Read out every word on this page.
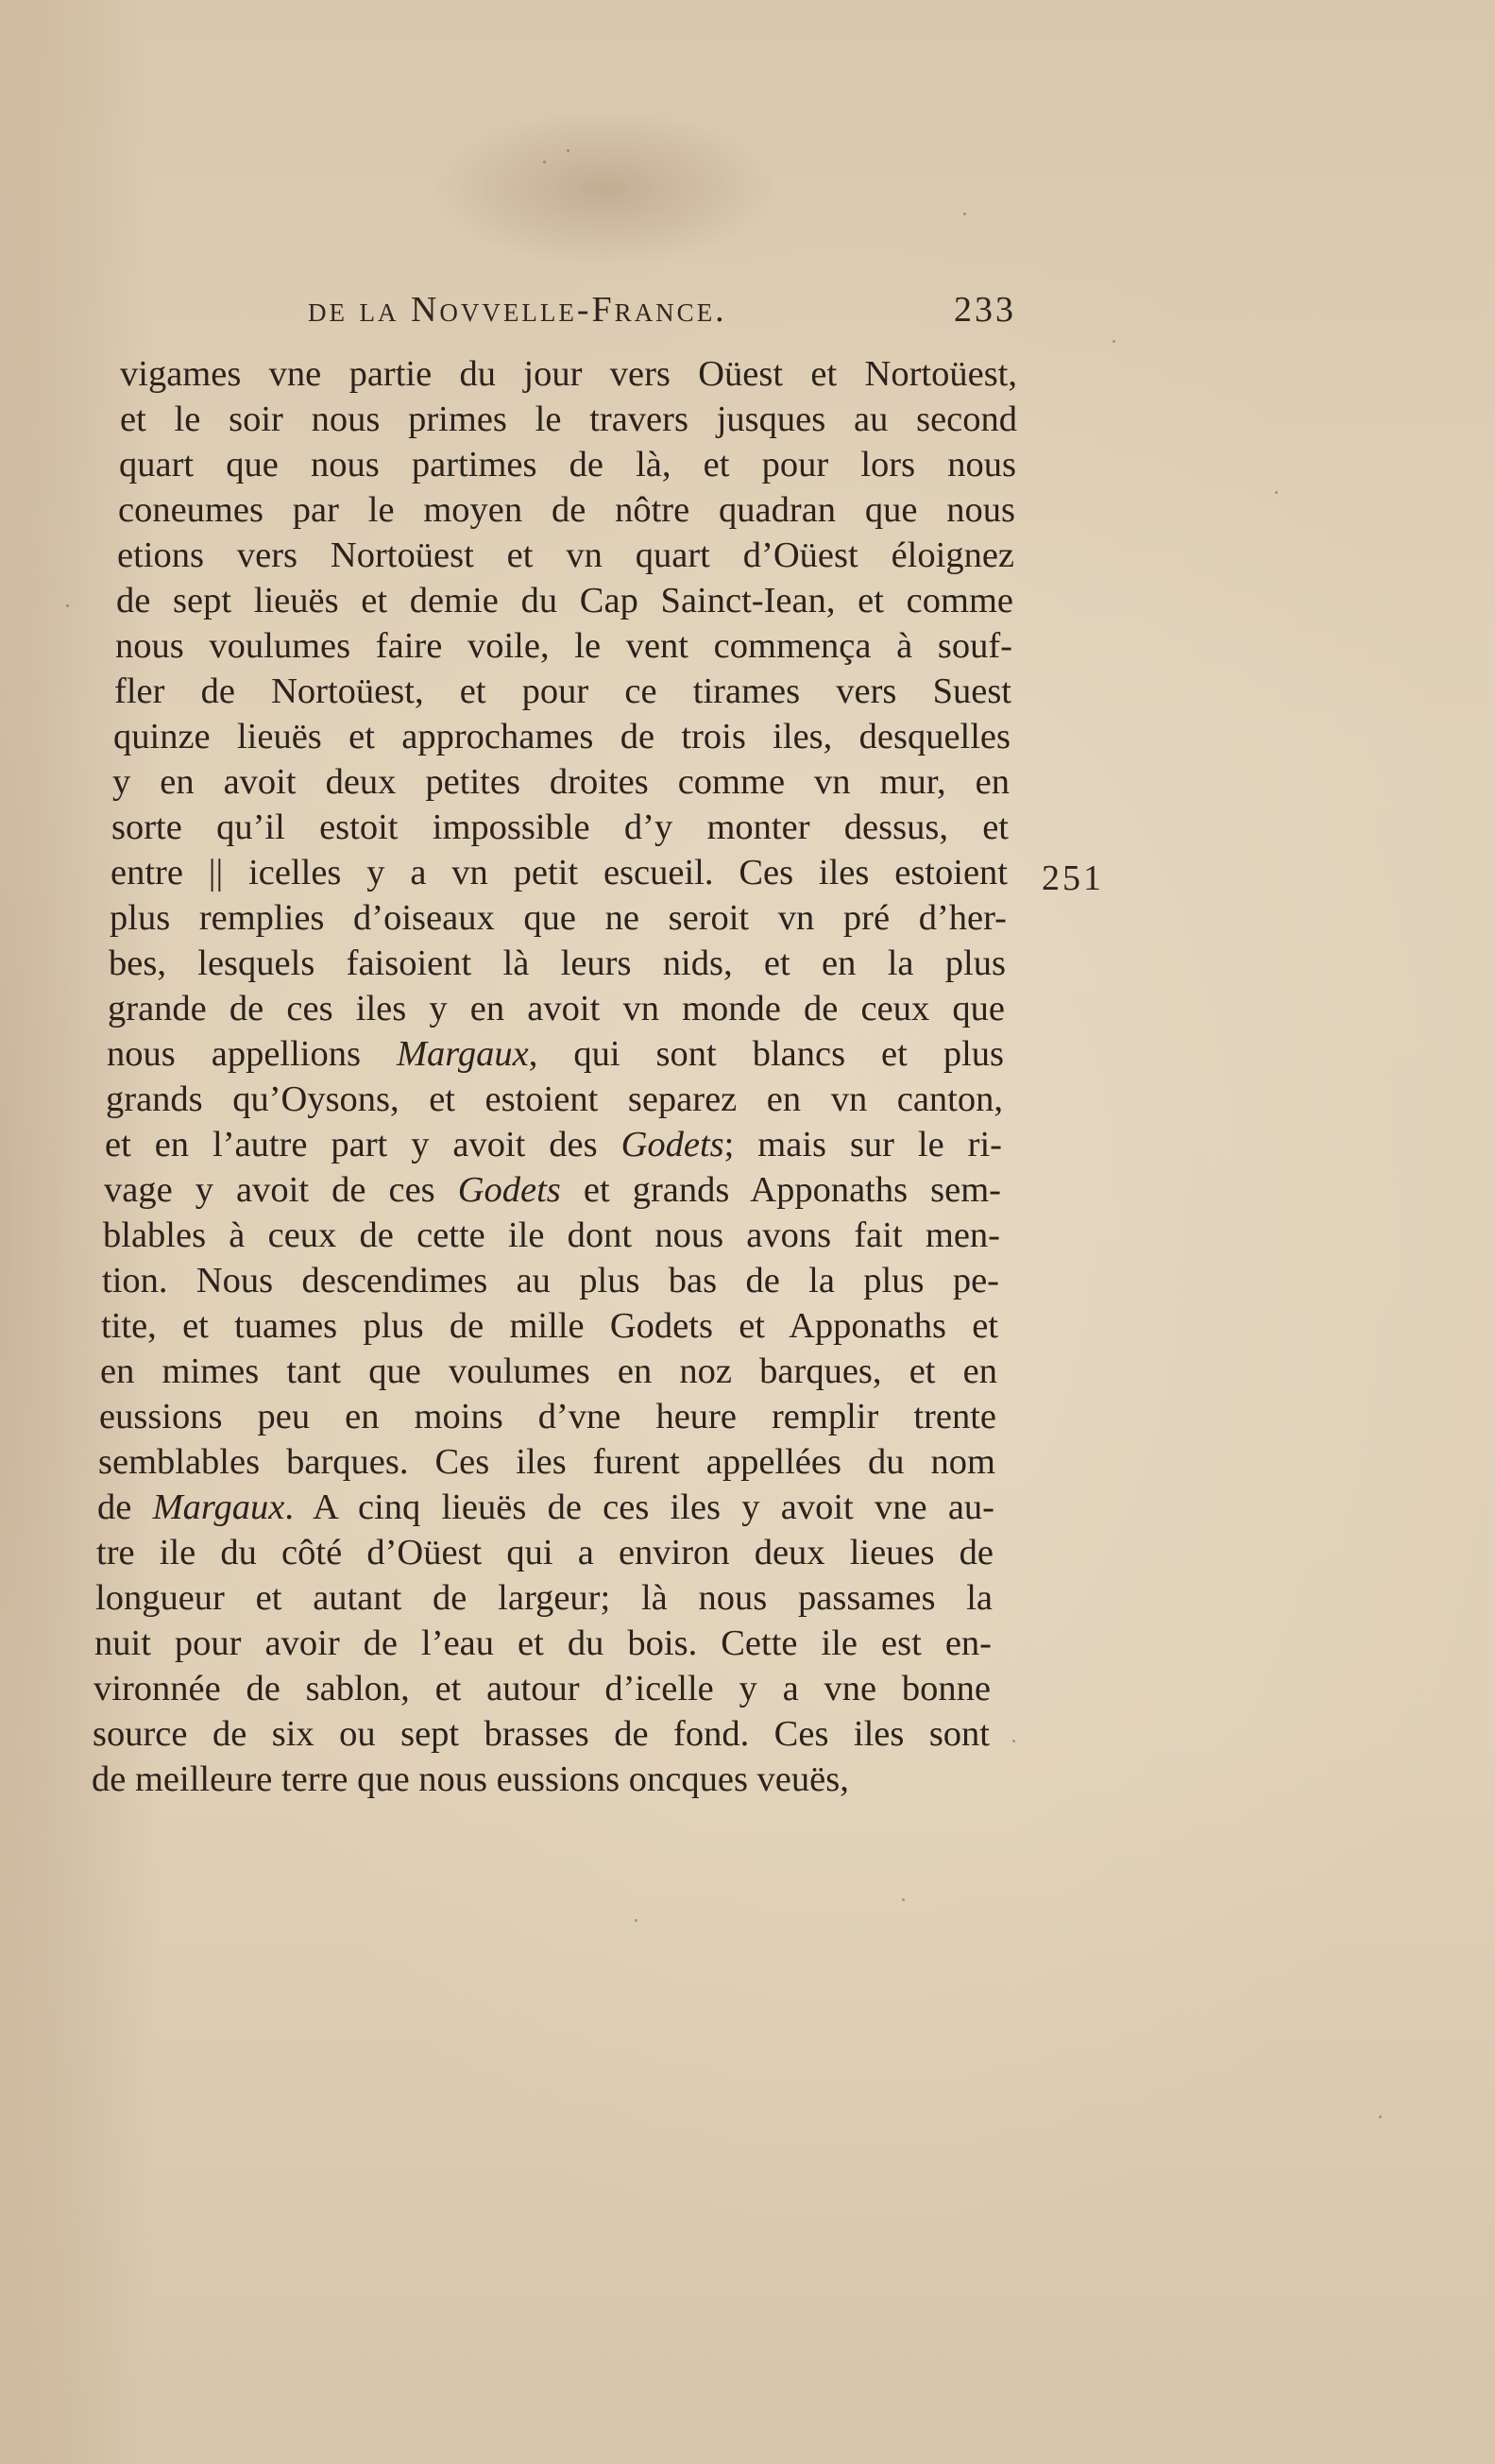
de la Novvelle-France.	233
vigames vne partie du jour vers Oüest et Nortoüest,
et le soir nous primes le travers jusques au second
quart que nous partimes de là, et pour lors nous
coneumes par le moyen de nôtre quadran que nous
etions vers Nortoüest et vn quart d’Oüest éloignez
de sept lieuës et demie du Cap Sainct-Iean, et comme
nous voulumes faire voile, le vent commença à souf-
fler de Nortoüest, et pour ce tirames vers Suest
quinze lieuës et approchames de trois iles, desquelles
y en avoit deux petites droites comme vn mur, en
sorte qu’il estoit impossible d’y monter dessus, et
entre || icelles y a vn petit escueil. Ces iles estoient
plus remplies d’oiseaux que ne seroit vn pré d’her-
bes, lesquels faisoient là leurs nids, et en la plus
grande de ces iles y en avoit vn monde de ceux que
nous appellions Margaux, qui sont blancs et plus
grands qu’Oysons, et estoient separez en vn canton,
et en l’autre part y avoit des Godets; mais sur le ri-
vage y avoit de ces Godets et grands Apponaths sem-
blables à ceux de cette ile dont nous avons fait men-
tion. Nous descendimes au plus bas de la plus pe-
tite, et tuames plus de mille Godets et Apponaths et
en mimes tant que voulumes en noz barques, et en
eussions peu en moins d’vne heure remplir trente
semblables barques. Ces iles furent appellées du nom
de Margaux. A cinq lieuës de ces iles y avoit vne au-
tre ile du côté d’Oüest qui a environ deux lieues de
longueur et autant de largeur; là nous passames la
nuit pour avoir de l’eau et du bois. Cette ile est en-
vironnée de sablon, et autour d’icelle y a vne bonne
source de six ou sept brasses de fond. Ces iles sont
de meilleure terre que nous eussions oncques veuës,
251
